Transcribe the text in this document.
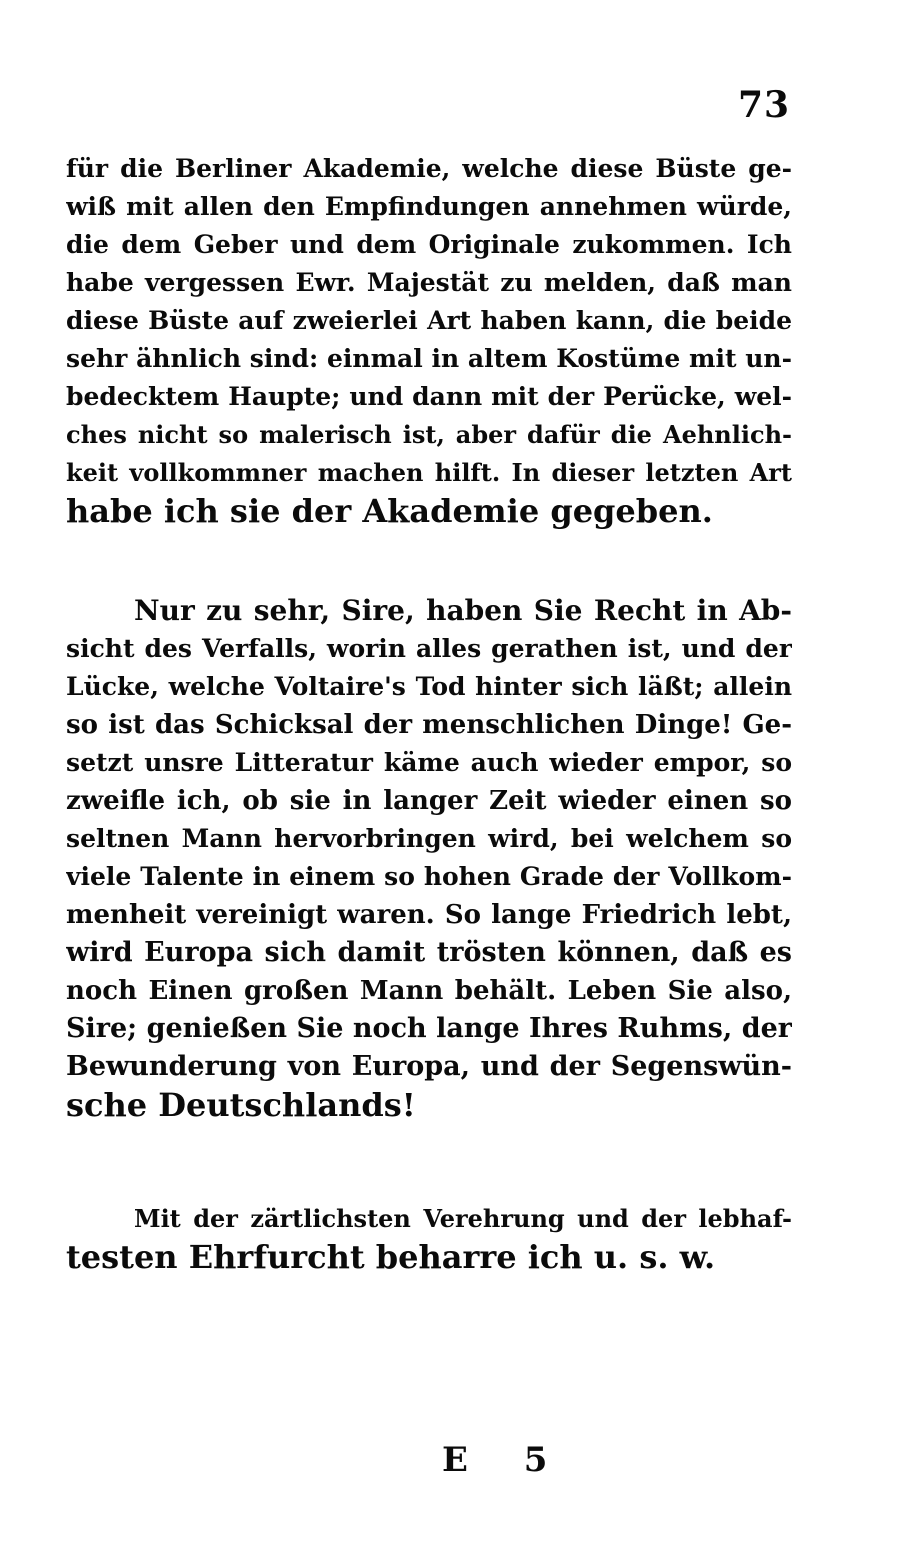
73
für die Berliner Akademie, welche diese Büste ge-
wiß mit allen den Empfindungen annehmen würde,
die dem Geber und dem Originale zukommen. Ich
habe vergessen Ewr. Majestät zu melden, daß man
diese Büste auf zweierlei Art haben kann, die beide
sehr ähnlich sind: einmal in altem Kostüme mit un-
bedecktem Haupte; und dann mit der Perücke, wel-
ches nicht so malerisch ist, aber dafür die Aehnlich-
keit vollkommner machen hilft. In dieser letzten Art
habe ich sie der Akademie gegeben.
Nur zu sehr, Sire, haben Sie Recht in Ab-
sicht des Verfalls, worin alles gerathen ist, und der
Lücke, welche Voltaire's Tod hinter sich läßt; allein
so ist das Schicksal der menschlichen Dinge! Ge-
setzt unsre Litteratur käme auch wieder empor, so
zweifle ich, ob sie in langer Zeit wieder einen so
seltnen Mann hervorbringen wird, bei welchem so
viele Talente in einem so hohen Grade der Vollkom-
menheit vereinigt waren. So lange Friedrich lebt,
wird Europa sich damit trösten können, daß es
noch Einen großen Mann behält. Leben Sie also,
Sire; genießen Sie noch lange Ihres Ruhms, der
Bewunderung von Europa, und der Segenswün-
sche Deutschlands!
Mit der zärtlichsten Verehrung und der lebhaf-
testen Ehrfurcht beharre ich u. s. w.
E 5
